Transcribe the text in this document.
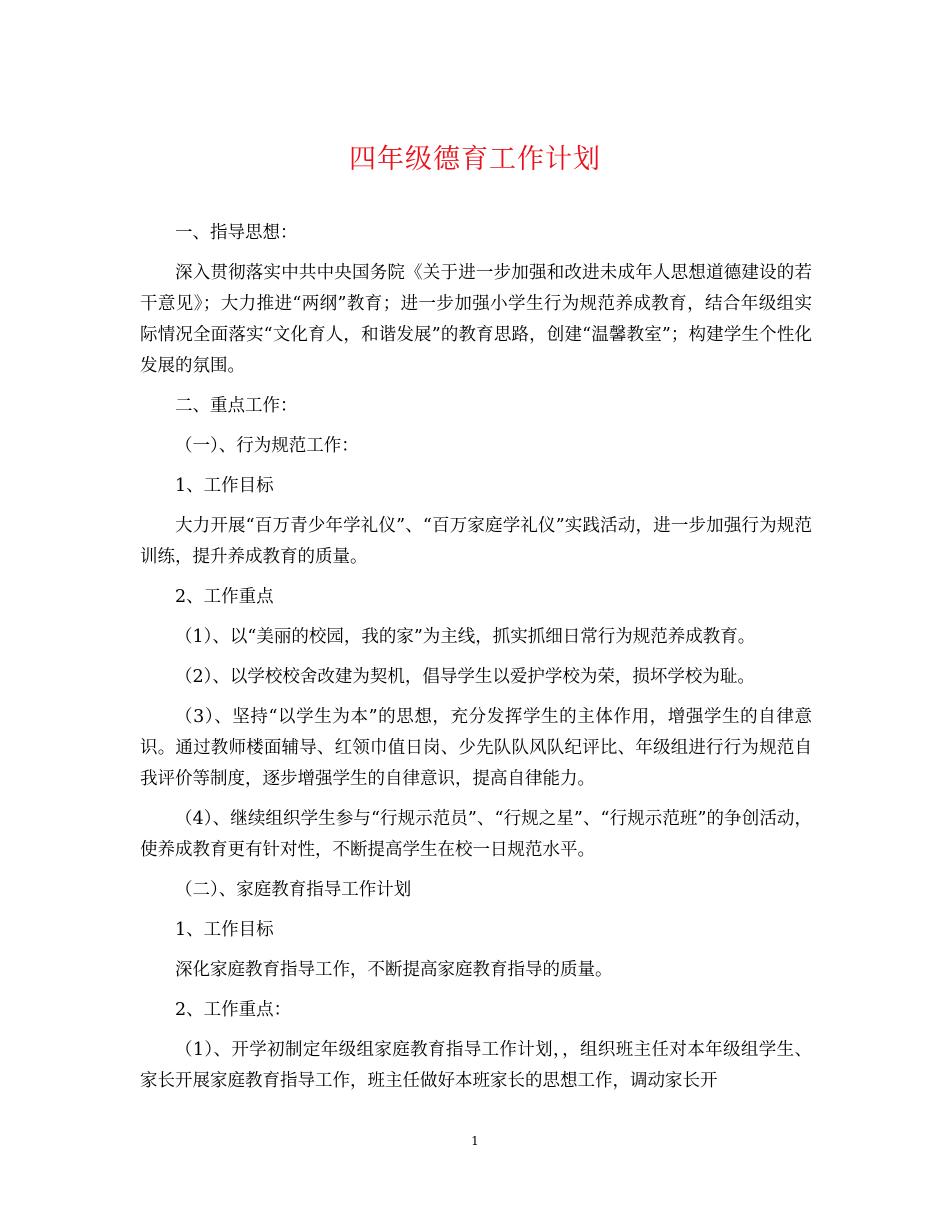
四年级德育工作计划

一、指导思想：

深入贯彻落实中共中央国务院《关于进一步加强和改进未成年人思想道德建设的若干意见》；大力推进“两纲”教育；进一步加强小学生行为规范养成教育，结合年级组实际情况全面落实“文化育人，和谐发展”的教育思路，创建“温馨教室”；构建学生个性化发展的氛围。

二、重点工作：

（一）、行为规范工作：

1、工作目标

大力开展“百万青少年学礼仪”、“百万家庭学礼仪”实践活动，进一步加强行为规范训练，提升养成教育的质量。

2、工作重点

（1）、以“美丽的校园，我的家”为主线，抓实抓细日常行为规范养成教育。

（2）、以学校校舍改建为契机，倡导学生以爱护学校为荣，损坏学校为耻。

（3）、坚持“以学生为本”的思想，充分发挥学生的主体作用，增强学生的自律意识。通过教师楼面辅导、红领巾值日岗、少先队队风队纪评比、年级组进行行为规范自我评价等制度，逐步增强学生的自律意识，提高自律能力。

（4）、继续组织学生参与“行规示范员”、“行规之星”、“行规示范班”的争创活动，使养成教育更有针对性，不断提高学生在校一日规范水平。

（二）、家庭教育指导工作计划

1、工作目标

深化家庭教育指导工作，不断提高家庭教育指导的质量。

2、工作重点：

（1）、开学初制定年级组家庭教育指导工作计划，，组织班主任对本年级组学生、家长开展家庭教育指导工作，班主任做好本班家长的思想工作，调动家长开

1
